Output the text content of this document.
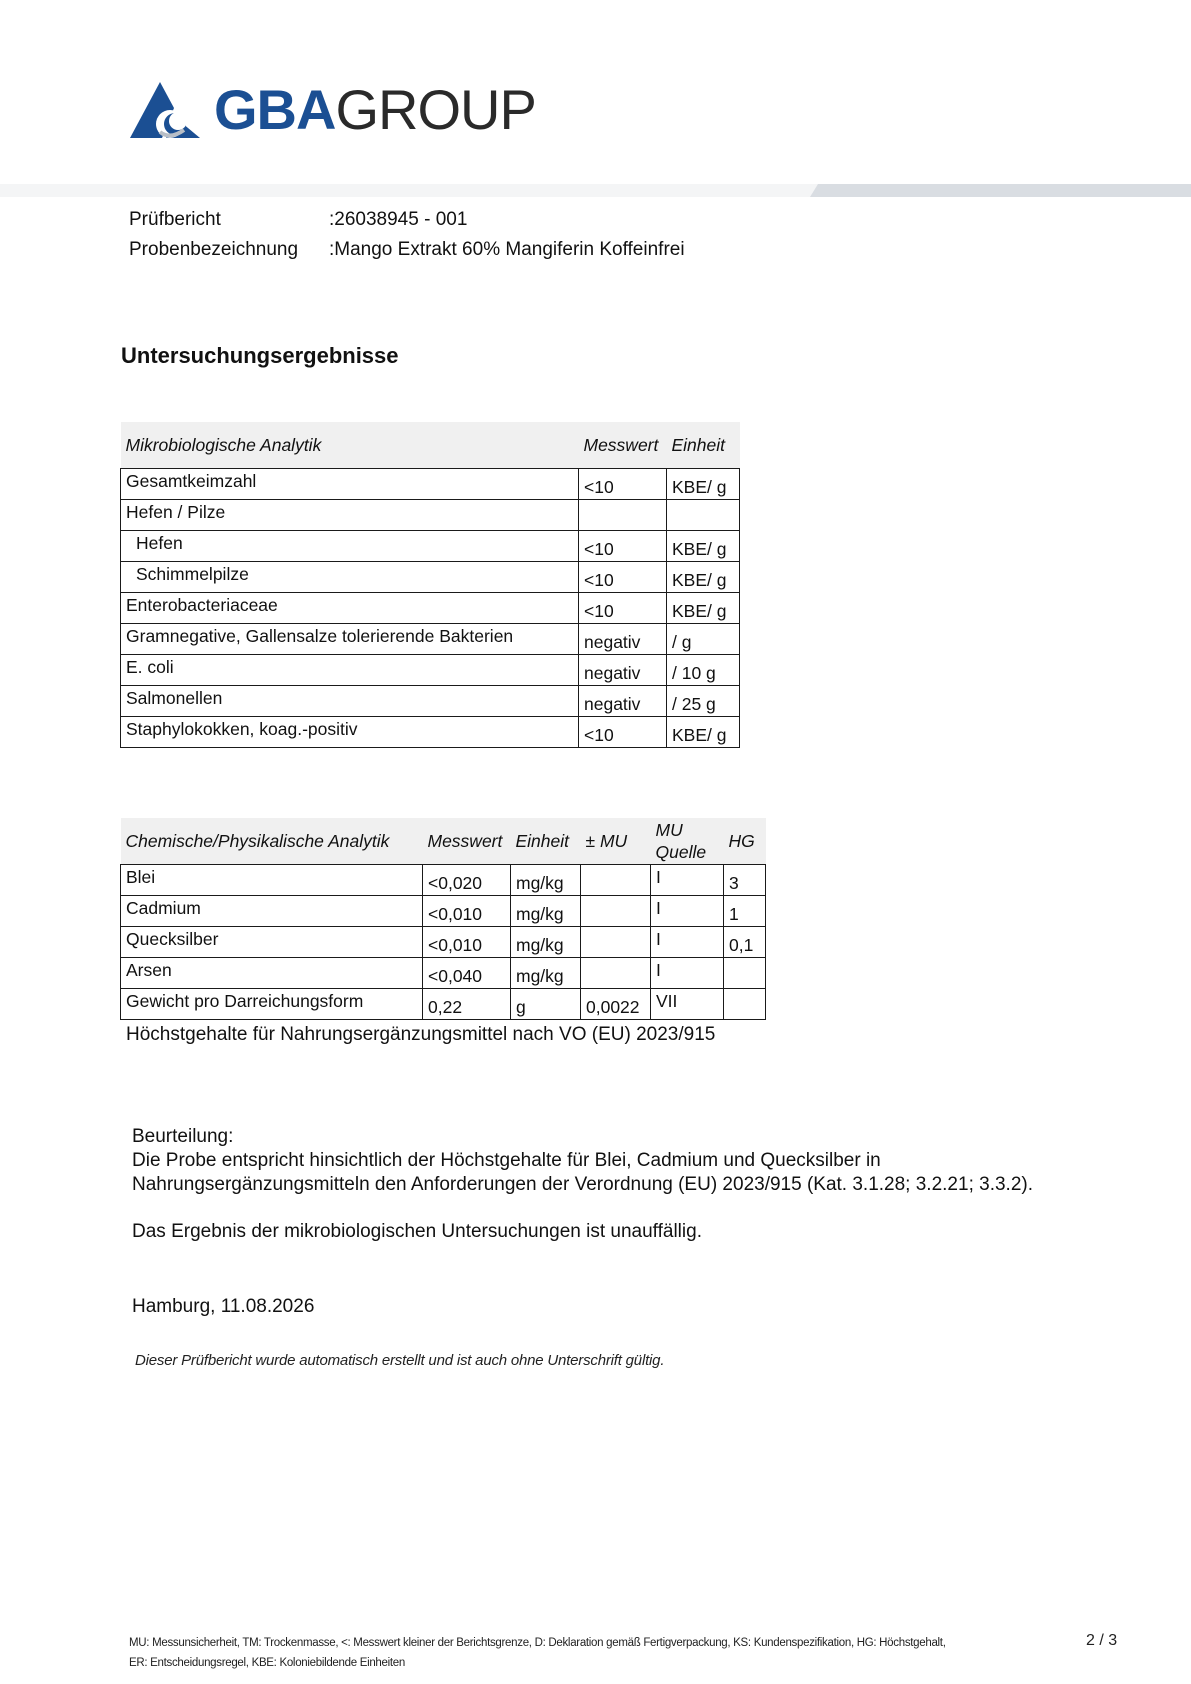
GBAGROUP
Prüfbericht	:26038945 - 001
Probenbezeichnung :Mango Extrakt 60% Mangiferin Koffeinfrei
Untersuchungsergebnisse
Mikrobiologische Analytik	Messwert	Einheit
Gesamtkeimzahl	<10	KBE/ g
Hefen / Pilze		
Hefen	<10	KBE/ g
Schimmelpilze	<10	KBE/ g
Enterobacteriaceae	<10	KBE/ g
Gramnegative, Gallensalze tolerierende Bakterien	negativ	/ g
E. coli	negativ	/ 10 g
Salmonellen	negativ	/ 25 g
Staphylokokken, koag.-positiv	<10	KBE/ g
Chemische/Physikalische Analytik	Messwert	Einheit	± MU	MU Quelle	HG
Blei	<0,020	mg/kg		I	3
Cadmium	<0,010	mg/kg		I	1
Quecksilber	<0,010	mg/kg		I	0,1
Arsen	<0,040	mg/kg		I	
Gewicht pro Darreichungsform	0,22	g	0,0022	VII	
Höchstgehalte für Nahrungsergänzungsmittel nach VO (EU) 2023/915
Beurteilung:
Die Probe entspricht hinsichtlich der Höchstgehalte für Blei, Cadmium und Quecksilber in
Nahrungsergänzungsmitteln den Anforderungen der Verordnung (EU) 2023/915 (Kat. 3.1.28; 3.2.21; 3.3.2).
Das Ergebnis der mikrobiologischen Untersuchungen ist unauffällig.
Hamburg, 11.08.2026
Dieser Prüfbericht wurde automatisch erstellt und ist auch ohne Unterschrift gültig.
MU: Messunsicherheit, TM: Trockenmasse, <: Messwert kleiner der Berichtsgrenze, D: Deklaration gemäß Fertigverpackung, KS: Kundenspezifikation, HG: Höchstgehalt,
ER: Entscheidungsregel, KBE: Koloniebildende Einheiten
2 / 3
